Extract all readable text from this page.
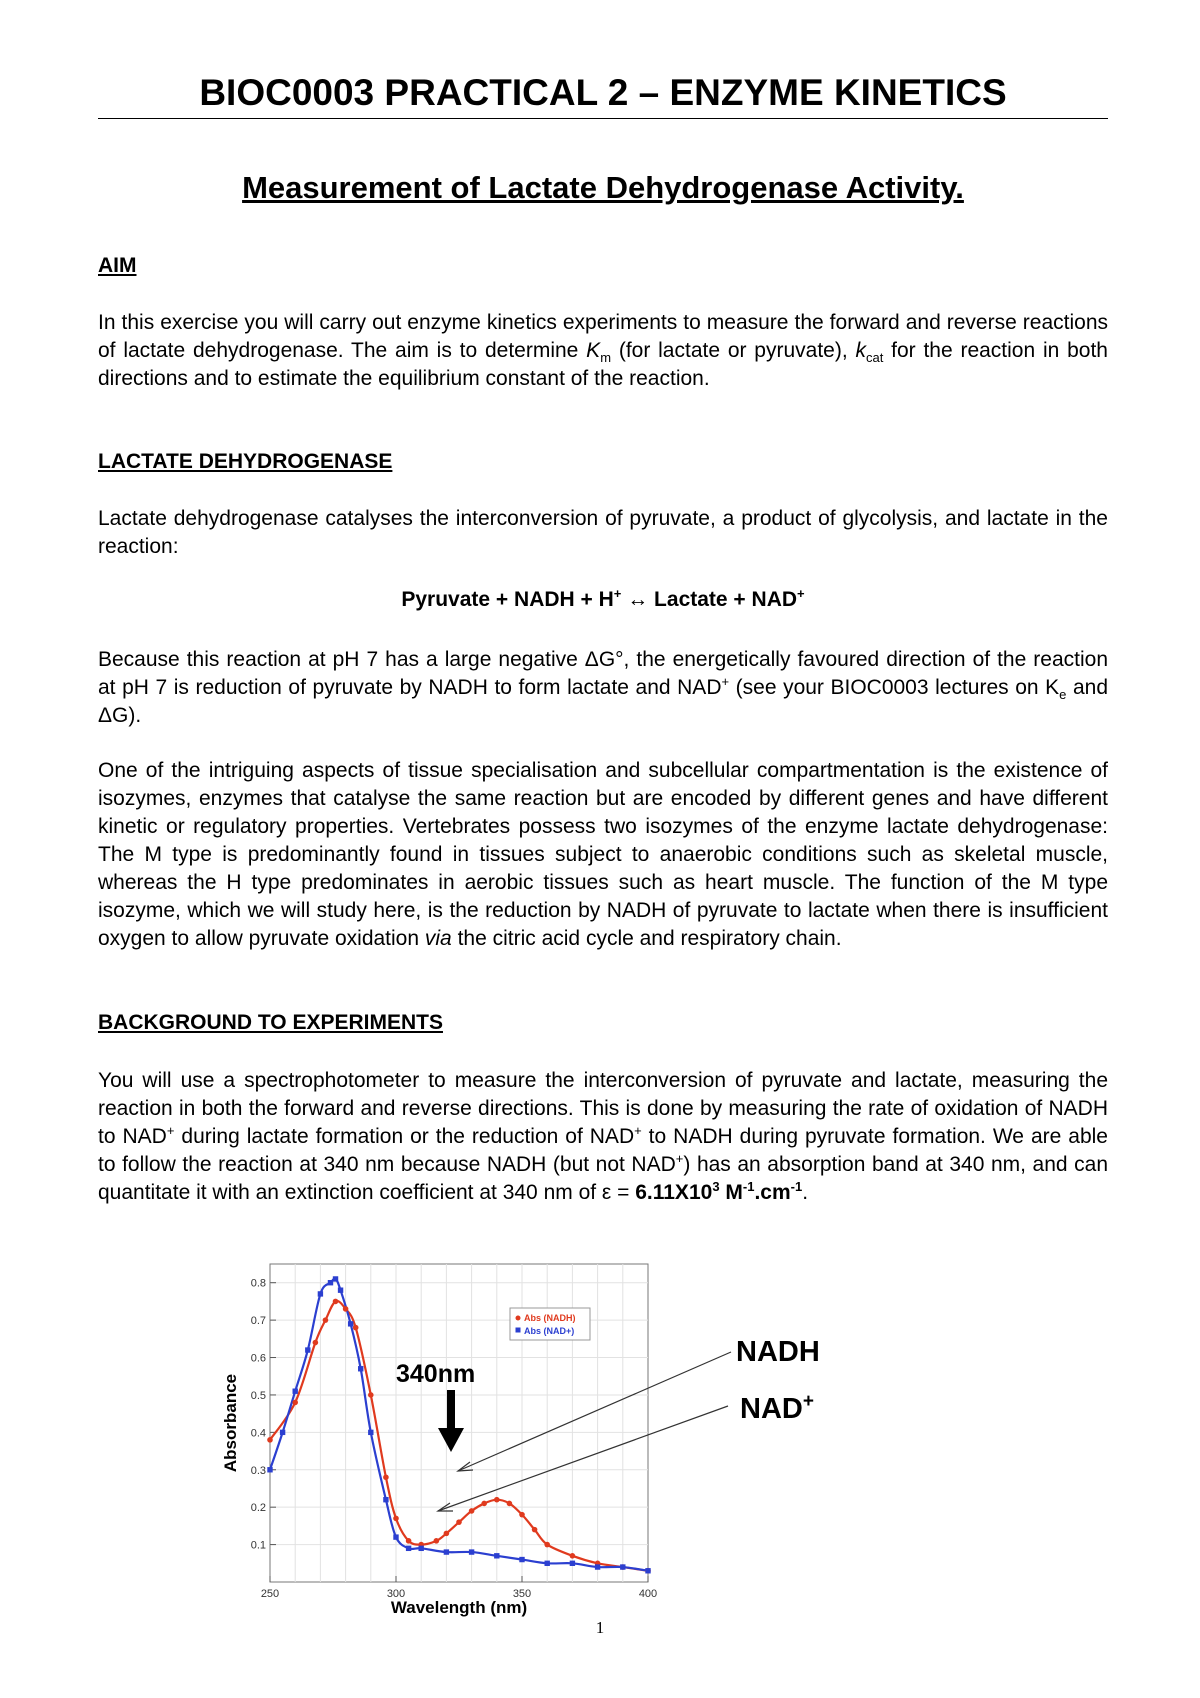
BIOC0003 PRACTICAL 2 – ENZYME KINETICS
Measurement of Lactate Dehydrogenase Activity.

AIM

In this exercise you will carry out enzyme kinetics experiments to measure the forward and reverse reactions of lactate dehydrogenase. The aim is to determine $K_m$ (for lactate or pyruvate), $k_{cat}$ for the reaction in both directions and to estimate the equilibrium constant of the reaction.

LACTATE DEHYDROGENASE

Lactate dehydrogenase catalyses the interconversion of pyruvate, a product of glycolysis, and lactate in the reaction:

Pyruvate + NADH + H+ ↔ Lactate + NAD+

Because this reaction at pH 7 has a large negative ΔG°, the energetically favoured direction of the reaction at pH 7 is reduction of pyruvate by NADH to form lactate and NAD+ (see your BIOC0003 lectures on $K_e$ and ΔG).

One of the intriguing aspects of tissue specialisation and subcellular compartmentation is the existence of isozymes, enzymes that catalyse the same reaction but are encoded by different genes and have different kinetic or regulatory properties. Vertebrates possess two isozymes of the enzyme lactate dehydrogenase: The M type is predominantly found in tissues subject to anaerobic conditions such as skeletal muscle, whereas the H type predominates in aerobic tissues such as heart muscle. The function of the M type isozyme, which we will study here, is the reduction by NADH of pyruvate to lactate when there is insufficient oxygen to allow pyruvate oxidation via the citric acid cycle and respiratory chain.

BACKGROUND TO EXPERIMENTS

You will use a spectrophotometer to measure the interconversion of pyruvate and lactate, measuring the reaction in both the forward and reverse directions. This is done by measuring the rate of oxidation of NADH to NAD+ during lactate formation or the reduction of NAD+ to NADH during pyruvate formation. We are able to follow the reaction at 340 nm because NADH (but not NAD+) has an absorption band at 340 nm, and can quantitate it with an extinction coefficient at 340 nm of $\varepsilon = 6.11X10^3$ $M^{-1}.cm^{-1}$.

0.1
0.2
0.3
0.4
0.5
0.6
0.7
0.8
250	300	350	400
Wavelength (nm)
Absorbance
Abs (NADH)
Abs (NAD+)
340nm
NADH
NAD+

1
